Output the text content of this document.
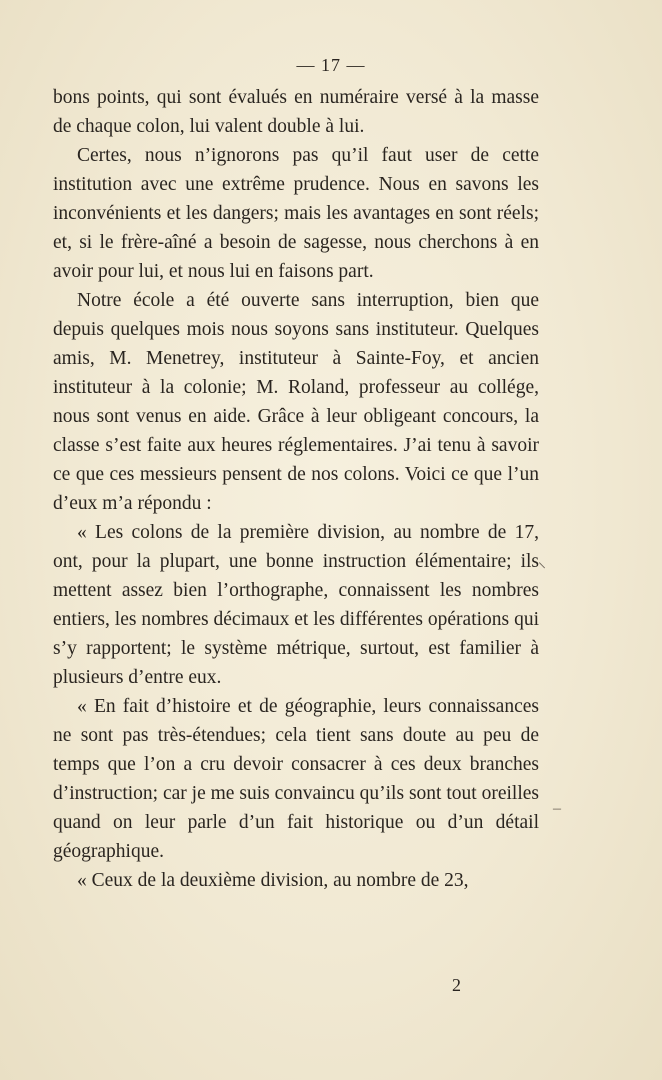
— 17 —

bons points, qui sont évalués en numéraire versé à la masse de chaque colon, lui valent double à lui.

Certes, nous n’ignorons pas qu’il faut user de cette institution avec une extrême prudence. Nous en savons les inconvénients et les dangers; mais les avantages en sont réels; et, si le frère-aîné a besoin de sagesse, nous cherchons à en avoir pour lui, et nous lui en faisons part.

Notre école a été ouverte sans interruption, bien que depuis quelques mois nous soyons sans instituteur. Quelques amis, M. Menetrey, instituteur à Sainte-Foy, et ancien instituteur à la colonie; M. Roland, professeur au collége, nous sont venus en aide. Grâce à leur obligeant concours, la classe s’est faite aux heures réglementaires. J’ai tenu à savoir ce que ces messieurs pensent de nos colons. Voici ce que l’un d’eux m’a répondu :

« Les colons de la première division, au nombre de 17, ont, pour la plupart, une bonne instruction élémentaire; ils mettent assez bien l’orthographe, connaissent les nombres entiers, les nombres décimaux et les différentes opérations qui s’y rapportent; le système métrique, surtout, est familier à plusieurs d’entre eux.

« En fait d’histoire et de géographie, leurs connaissances ne sont pas très-étendues; cela tient sans doute au peu de temps que l’on a cru devoir consacrer à ces deux branches d’instruction; car je me suis convaincu qu’ils sont tout oreilles quand on leur parle d’un fait historique ou d’un détail géographique.

« Ceux de la deuxième division, au nombre de 23,

2
⸜
–
